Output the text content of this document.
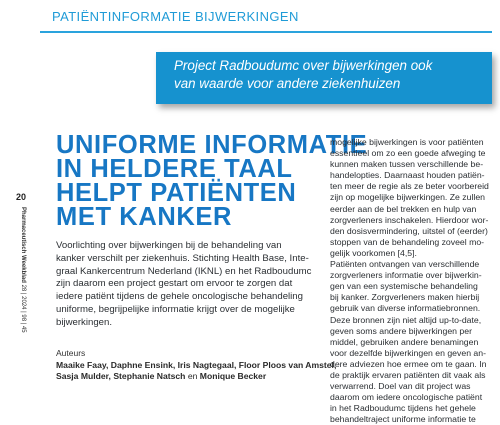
PATIËNTINFORMATIE BIJWERKINGEN
Project Radboudumc over bijwerkingen ook
van waarde voor andere ziekenhuizen
20
Pharmaceutisch Weekblad 28 | 2024 | 98 | 45
UNIFORME INFORMATIE
IN HELDERE TAAL
HELPT PATIËNTEN
MET KANKER
Voorlichting over bijwerkingen bij de behandeling van
kanker verschilt per ziekenhuis. Stichting Health Base, Inte-
graal Kankercentrum Nederland (IKNL) en het Radboudumc
zijn daarom een project gestart om ervoor te zorgen dat
iedere patiënt tijdens de gehele oncologische behandeling
uniforme, begrijpelijke informatie krijgt over de mogelijke
bijwerkingen.
Auteurs
Maaike Faay, Daphne Ensink, Iris Nagtegaal, Floor Ploos van Amstel,
Sasja Mulder, Stephanie Natsch en Monique Becker
mogelijke bijwerkingen is voor patiënten
essentieel om zo een goede afweging te
kunnen maken tussen verschillende be-
handelopties. Daarnaast houden patiën-
ten meer de regie als ze beter voorbereid
zijn op mogelijke bijwerkingen. Ze zullen
eerder aan de bel trekken en hulp van
zorgverleners inschakelen. Hierdoor wor-
den dosisvermindering, uitstel of (eerder)
stoppen van de behandeling zoveel mo-
gelijk voorkomen [4,5].
Patiënten ontvangen van verschillende
zorgverleners informatie over bijwerkin-
gen van een systemische behandeling
bij kanker. Zorgverleners maken hierbij
gebruik van diverse informatiebronnen.
Deze bronnen zijn niet altijd up-to-date,
geven soms andere bijwerkingen per
middel, gebruiken andere benamingen
voor dezelfde bijwerkingen en geven an-
dere adviezen hoe ermee om te gaan. In
de praktijk ervaren patiënten dit vaak als
verwarrend. Doel van dit project was
daarom om iedere oncologische patiënt
in het Radboudumc tijdens het gehele
behandeltraject uniforme informatie te
